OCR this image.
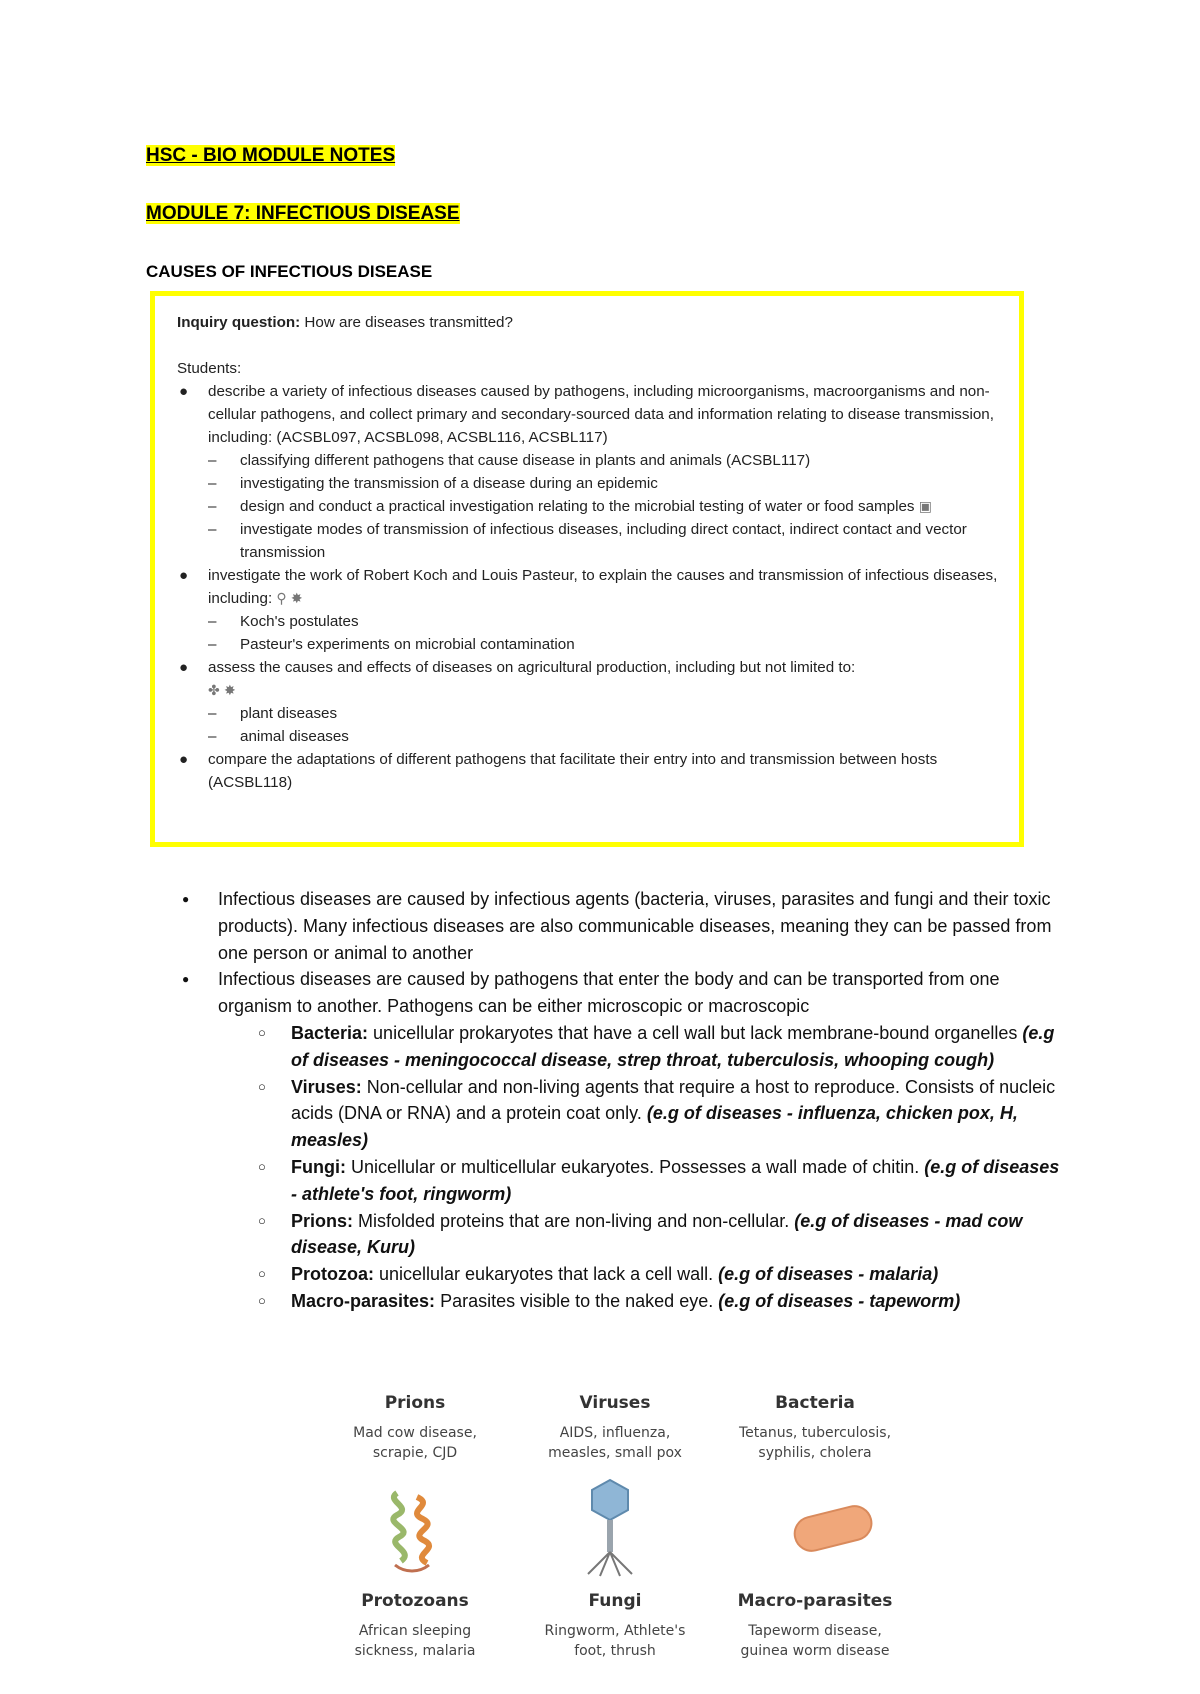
HSC - BIO MODULE NOTES
MODULE 7: INFECTIOUS DISEASE
CAUSES OF INFECTIOUS DISEASE

Inquiry question: How are diseases transmitted?

Students:

● describe a variety of infectious diseases caused by pathogens, including microorganisms, macroorganisms and non-cellular pathogens, and collect primary and secondary-sourced data and information relating to disease transmission, including: (ACSBL097, ACSBL098, ACSBL116, ACSBL117)
– classifying different pathogens that cause disease in plants and animals (ACSBL117)
– investigating the transmission of a disease during an epidemic
– design and conduct a practical investigation relating to the microbial testing of water or food samples ▣
– investigate modes of transmission of infectious diseases, including direct contact, indirect contact and vector transmission
● investigate the work of Robert Koch and Louis Pasteur, to explain the causes and transmission of infectious diseases, including: ⚲ ✸
– Koch's postulates
– Pasteur's experiments on microbial contamination
● assess the causes and effects of diseases on agricultural production, including but not limited to:
✤ ✸
– plant diseases
– animal diseases
● compare the adaptations of different pathogens that facilitate their entry into and transmission between hosts (ACSBL118)
● Infectious diseases are caused by infectious agents (bacteria, viruses, parasites and fungi and their toxic products). Many infectious diseases are also communicable diseases, meaning they can be passed from one person or animal to another
● Infectious diseases are caused by pathogens that enter the body and can be transported from one organism to another. Pathogens can be either microscopic or macroscopic
○ Bacteria: unicellular prokaryotes that have a cell wall but lack membrane-bound organelles (e.g of diseases - meningococcal disease, strep throat, tuberculosis, whooping cough)
○ Viruses: Non-cellular and non-living agents that require a host to reproduce. Consists of nucleic acids (DNA or RNA) and a protein coat only. (e.g of diseases - influenza, chicken pox, H, measles)
○ Fungi: Unicellular or multicellular eukaryotes. Possesses a wall made of chitin. (e.g of diseases - athlete's foot, ringworm)
○ Prions: Misfolded proteins that are non-living and non-cellular. (e.g of diseases - mad cow disease, Kuru)
○ Protozoa: unicellular eukaryotes that lack a cell wall. (e.g of diseases - malaria)
○ Macro-parasites: Parasites visible to the naked eye. (e.g of diseases - tapeworm)
Prions
Mad cow disease,
scrapie, CJD
Viruses
AIDS, influenza,
measles, small pox
Bacteria
Tetanus, tuberculosis,
syphilis, cholera
Protozoans
African sleeping
sickness, malaria
Fungi
Ringworm, Athlete's
foot, thrush
Macro-parasites
Tapeworm disease,
guinea worm disease
